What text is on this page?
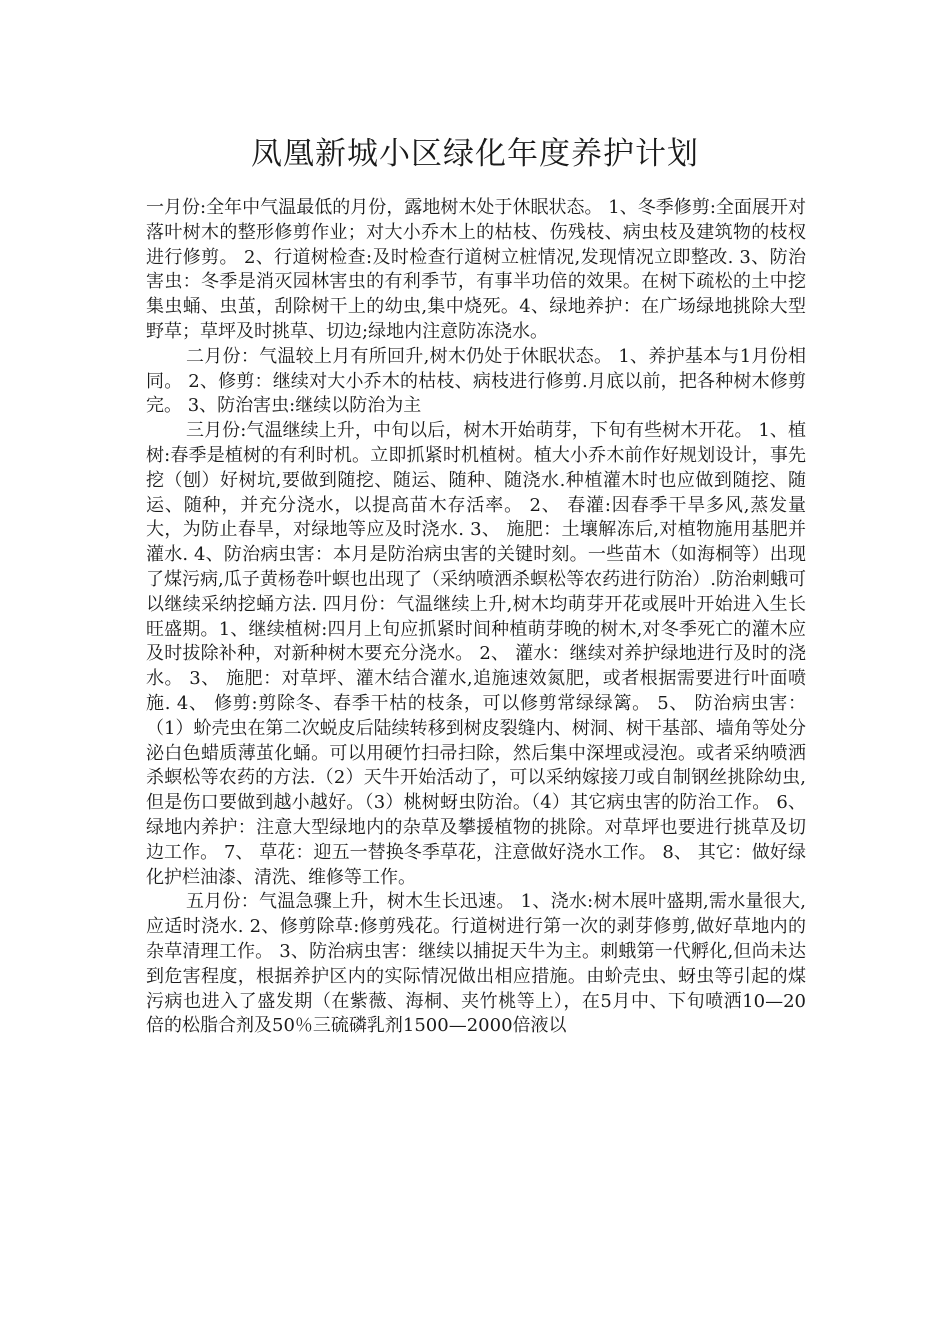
凤凰新城小区绿化年度养护计划

一月份:全年中气温最低的月份，露地树木处于休眠状态。 1、冬季修剪:全面展开对落叶树木的整形修剪作业；对大小乔木上的枯枝、伤残枝、病虫枝及建筑物的枝杈进行修剪。 2、行道树检查:及时检查行道树立桩情况,发现情况立即整改. 3、防治害虫：冬季是消灭园林害虫的有利季节，有事半功倍的效果。在树下疏松的土中挖集虫蛹、虫茧，刮除树干上的幼虫,集中烧死。4、绿地养护：在广场绿地挑除大型野草；草坪及时挑草、切边;绿地内注意防冻浇水。

二月份：气温较上月有所回升,树木仍处于休眠状态。 1、养护基本与1月份相同。 2、修剪：继续对大小乔木的枯枝、病枝进行修剪.月底以前，把各种树木修剪完。 3、防治害虫:继续以防治为主

三月份:气温继续上升，中旬以后，树木开始萌芽，下旬有些树木开花。 1、植树:春季是植树的有利时机。立即抓紧时机植树。植大小乔木前作好规划设计，事先挖（刨）好树坑,要做到随挖、随运、随种、随浇水.种植灌木时也应做到随挖、随运、随种，并充分浇水，以提高苗木存活率。 2、 春灌:因春季干旱多风,蒸发量大，为防止春旱，对绿地等应及时浇水. 3、 施肥：土壤解冻后,对植物施用基肥并灌水. 4、防治病虫害：本月是防治病虫害的关键时刻。一些苗木（如海桐等）出现了煤污病,瓜子黄杨卷叶螟也出现了（采纳喷洒杀螟松等农药进行防治）.防治刺蛾可以继续采纳挖蛹方法. 四月份：气温继续上升,树木均萌芽开花或展叶开始进入生长旺盛期。1、继续植树:四月上旬应抓紧时间种植萌芽晚的树木,对冬季死亡的灌木应及时拔除补种，对新种树木要充分浇水。 2、 灌水：继续对养护绿地进行及时的浇水。 3、 施肥：对草坪、灌木结合灌水,追施速效氮肥，或者根据需要进行叶面喷施. 4、 修剪:剪除冬、春季干枯的枝条，可以修剪常绿绿篱。 5、 防治病虫害：（1）蚧壳虫在第二次蜕皮后陆续转移到树皮裂缝内、树洞、树干基部、墙角等处分泌白色蜡质薄茧化蛹。可以用硬竹扫帚扫除，然后集中深埋或浸泡。或者采纳喷洒杀螟松等农药的方法.（2）天牛开始活动了，可以采纳嫁接刀或自制钢丝挑除幼虫,但是伤口要做到越小越好。（3）桃树蚜虫防治。（4）其它病虫害的防治工作。 6、绿地内养护：注意大型绿地内的杂草及攀援植物的挑除。对草坪也要进行挑草及切边工作。 7、 草花：迎五一替换冬季草花，注意做好浇水工作。 8、 其它：做好绿化护栏油漆、清洗、维修等工作。

五月份：气温急骤上升，树木生长迅速。 1、浇水:树木展叶盛期,需水量很大,应适时浇水. 2、修剪除草:修剪残花。行道树进行第一次的剥芽修剪,做好草地内的杂草清理工作。 3、防治病虫害：继续以捕捉天牛为主。刺蛾第一代孵化,但尚未达到危害程度，根据养护区内的实际情况做出相应措施。由蚧壳虫、蚜虫等引起的煤污病也进入了盛发期（在紫薇、海桐、夹竹桃等上），在5月中、下旬喷洒10—20倍的松脂合剂及50％三硫磷乳剂1500—2000倍液以
